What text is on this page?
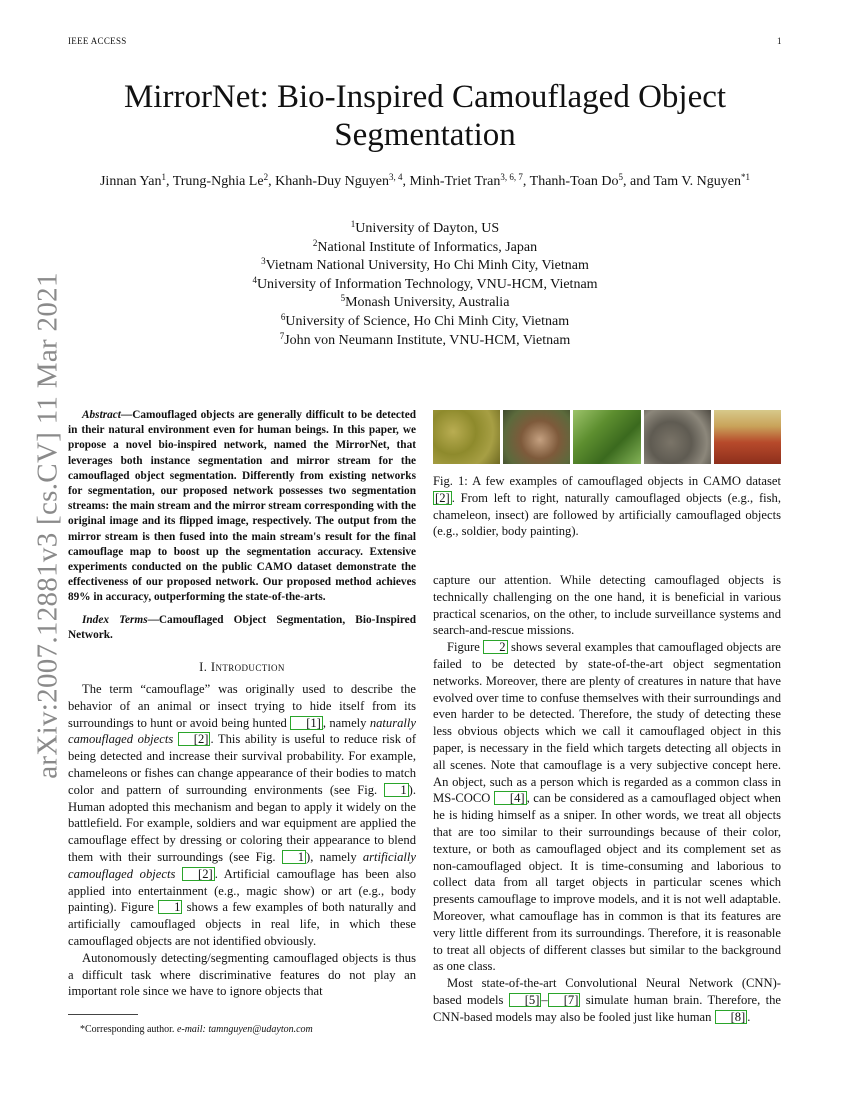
IEEE ACCESS	1
arXiv:2007.12881v3 [cs.CV] 11 Mar 2021
MirrorNet: Bio-Inspired Camouflaged Object Segmentation
Jinnan Yan$^1$, Trung-Nghia Le$^2$, Khanh-Duy Nguyen$^{3, 4}$, Minh-Triet Tran$^{3, 6, 7}$, Thanh-Toan Do$^5$, and Tam V. Nguyen$^{*1}$
$^1$University of Dayton, US
$^2$National Institute of Informatics, Japan
$^3$Vietnam National University, Ho Chi Minh City, Vietnam
$^4$University of Information Technology, VNU-HCM, Vietnam
$^5$Monash University, Australia
$^6$University of Science, Ho Chi Minh City, Vietnam
$^7$John von Neumann Institute, VNU-HCM, Vietnam

Abstract—Camouflaged objects are generally difficult to be detected in their natural environment even for human beings. In this paper, we propose a novel bio-inspired network, named the MirrorNet, that leverages both instance segmentation and mirror stream for the camouflaged object segmentation. Differently from existing networks for segmentation, our proposed network possesses two segmentation streams: the main stream and the mirror stream corresponding with the original image and its flipped image, respectively. The output from the mirror stream is then fused into the main stream's result for the final camouflage map to boost up the segmentation accuracy. Extensive experiments conducted on the public CAMO dataset demonstrate the effectiveness of our proposed network. Our proposed method achieves 89% in accuracy, outperforming the state-of-the-arts.

Index Terms—Camouflaged Object Segmentation, Bio-Inspired Network.

I. Introduction

The term “camouflage” was originally used to describe the behavior of an animal or insect trying to hide itself from its surroundings to hunt or avoid being hunted [1] , namely naturally camouflaged objects [2] . This ability is useful to reduce risk of being detected and increase their survival probability. For example, chameleons or fishes can change appearance of their bodies to match color and pattern of surrounding environments (see Fig. 1 ). Human adopted this mechanism and began to apply it widely on the battlefield. For example, soldiers and war equipment are applied the camouflage effect by dressing or coloring their appearance to blend them with their surroundings (see Fig. 1 ), namely artificially camouflaged objects [2] . Artificial camouflage has been also applied into entertainment (e.g., magic show) or art (e.g., body painting). Figure 1 shows a few examples of both naturally and artificially camouflaged objects in real life, in which these camouflaged objects are not identified obviously.

Autonomously detecting/segmenting camouflaged objects is thus a difficult task where discriminative features do not play an important role since we have to ignore objects that

*Corresponding author. e-mail: tamnguyen@udayton.com

Fig. 1: A few examples of camouflaged objects in CAMO dataset [2] . From left to right, naturally camouflaged objects (e.g., fish, chameleon, insect) are followed by artificially camouflaged objects (e.g., soldier, body painting).

capture our attention. While detecting camouflaged objects is technically challenging on the one hand, it is beneficial in various practical scenarios, on the other, to include surveillance systems and search-and-rescue missions.

Figure 2 shows several examples that camouflaged objects are failed to be detected by state-of-the-art object segmentation networks. Moreover, there are plenty of creatures in nature that have evolved over time to confuse themselves with their surroundings and even harder to be detected. Therefore, the study of detecting these less obvious objects which we call it camouflaged object in this paper, is necessary in the field which targets detecting all objects in all scenes. Note that camouflage is a very subjective concept here. An object, such as a person which is regarded as a common class in MS-COCO [4] , can be considered as a camouflaged object when he is hiding himself as a sniper. In other words, we treat all objects that are too similar to their surroundings because of their color, texture, or both as camouflaged object and its complement set as non-camouflaged object. It is time-consuming and laborious to collect data from all target objects in particular scenes which presents camouflage to improve models, and it is not well adaptable. Moreover, what camouflage has in common is that its features are very little different from its surroundings. Therefore, it is reasonable to treat all objects of different classes but similar to the background as one class.

Most state-of-the-art Convolutional Neural Network (CNN)-based models [5] – [7] simulate human brain. Therefore, the CNN-based models may also be fooled just like human [8] .
